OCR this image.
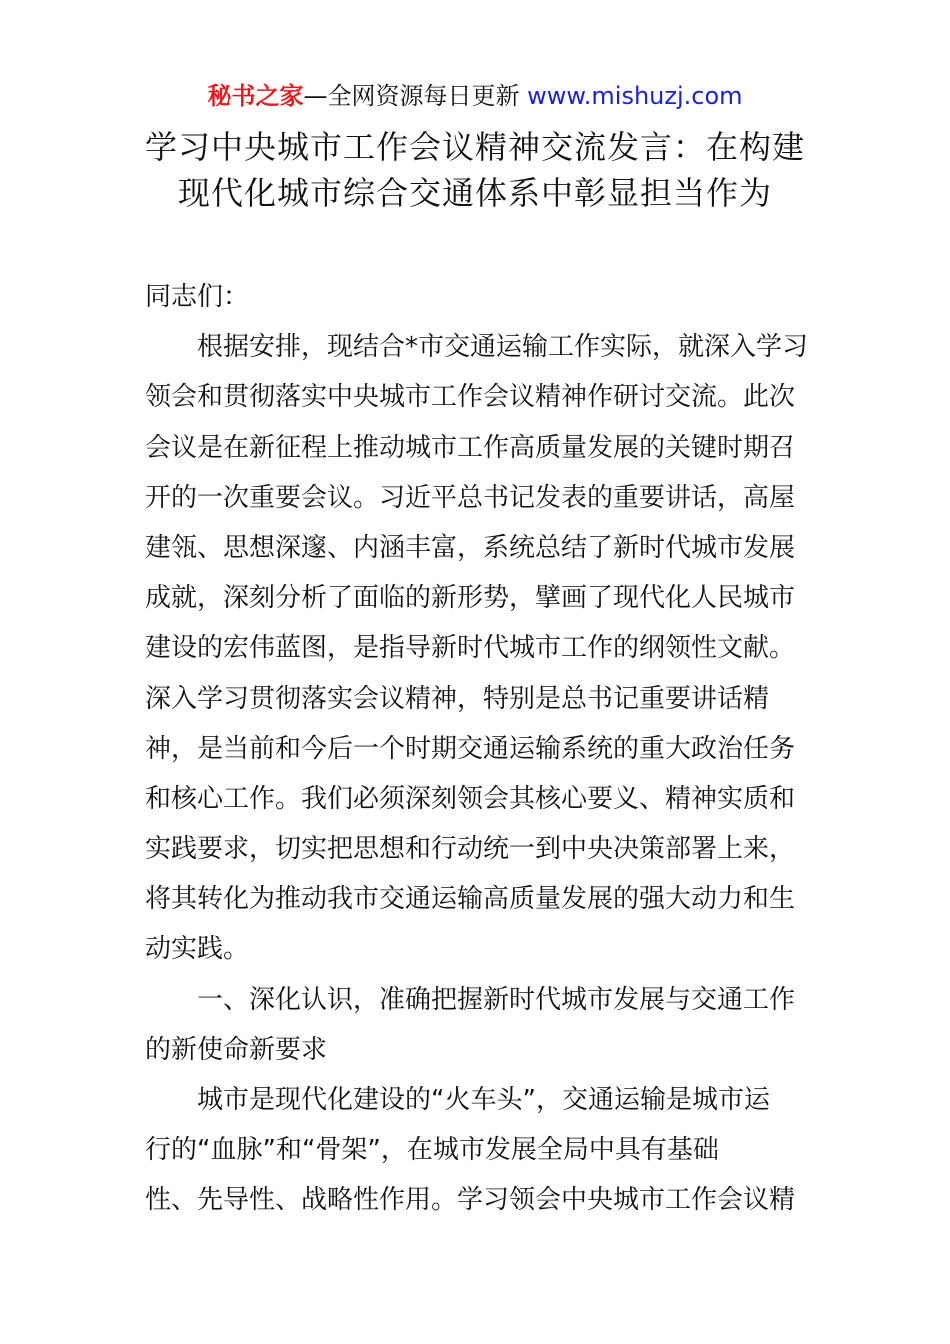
秘书之家—全网资源每日更新 www.mishuzj.com
学习中央城市工作会议精神交流发言：在构建
现代化城市综合交通体系中彰显担当作为
同志们：
根据安排，现结合*市交通运输工作实际，就深入学习
领会和贯彻落实中央城市工作会议精神作研讨交流。此次
会议是在新征程上推动城市工作高质量发展的关键时期召
开的一次重要会议。习近平总书记发表的重要讲话，高屋
建瓴、思想深邃、内涵丰富，系统总结了新时代城市发展
成就，深刻分析了面临的新形势，擘画了现代化人民城市
建设的宏伟蓝图，是指导新时代城市工作的纲领性文献。
深入学习贯彻落实会议精神，特别是总书记重要讲话精
神，是当前和今后一个时期交通运输系统的重大政治任务
和核心工作。我们必须深刻领会其核心要义、精神实质和
实践要求，切实把思想和行动统一到中央决策部署上来，
将其转化为推动我市交通运输高质量发展的强大动力和生
动实践。
一、深化认识，准确把握新时代城市发展与交通工作
的新使命新要求
城市是现代化建设的“火车头”，交通运输是城市运
行的“血脉”和“骨架”，在城市发展全局中具有基础
性、先导性、战略性作用。学习领会中央城市工作会议精
